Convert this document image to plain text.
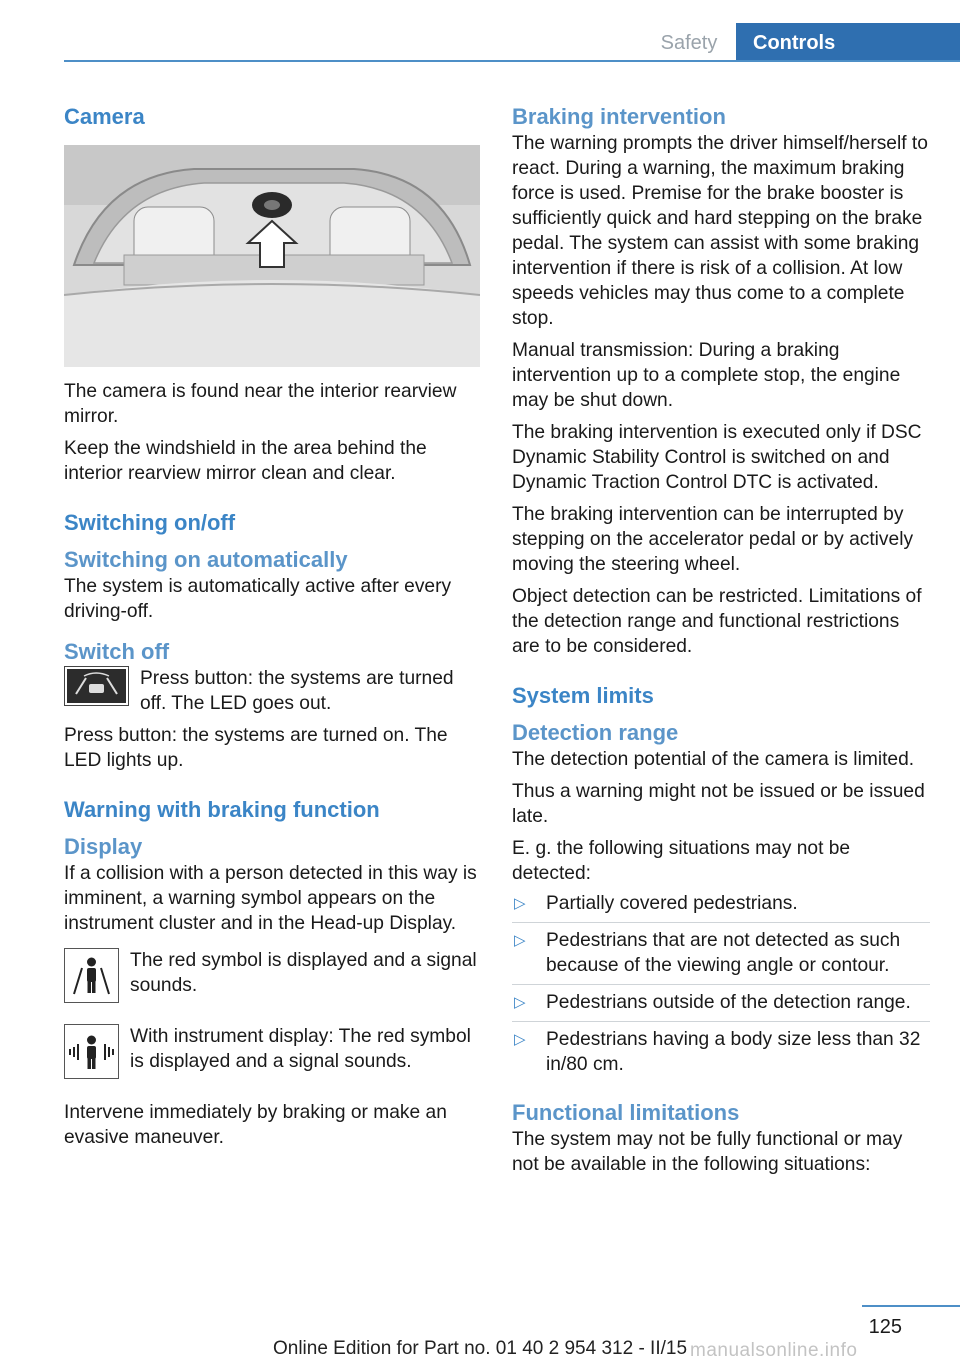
Safety	Controls
Camera

The camera is found near the interior rearview mirror.

Keep the windshield in the area behind the interior rearview mirror clean and clear.

Switching on/off
Switching on automatically

The system is automatically active after every driving-off.

Switch off
Press button: the systems are turned off. The LED goes out.

Press button: the systems are turned on. The LED lights up.

Warning with braking function
Display

If a collision with a person detected in this way is imminent, a warning symbol appears on the instrument cluster and in the Head-up Display.

The red symbol is displayed and a signal sounds.
With instrument display: The red symbol is displayed and a signal sounds.

Intervene immediately by braking or make an evasive maneuver.

Braking intervention

The warning prompts the driver himself/herself to react. During a warning, the maximum braking force is used. Premise for the brake booster is sufficiently quick and hard stepping on the brake pedal. The system can assist with some braking intervention if there is risk of a collision. At low speeds vehicles may thus come to a complete stop.

Manual transmission: During a braking intervention up to a complete stop, the engine may be shut down.

The braking intervention is executed only if DSC Dynamic Stability Control is switched on and Dynamic Traction Control DTC is activated.

The braking intervention can be interrupted by stepping on the accelerator pedal or by actively moving the steering wheel.

Object detection can be restricted. Limitations of the detection range and functional restrictions are to be considered.

System limits
Detection range

The detection potential of the camera is limited.

Thus a warning might not be issued or be issued late.

E. g. the following situations may not be detected:

▷ Partially covered pedestrians.
▷ Pedestrians that are not detected as such because of the viewing angle or contour.
▷ Pedestrians outside of the detection range.
▷ Pedestrians having a body size less than 32 in/80 cm.
Functional limitations

The system may not be fully functional or may not be available in the following situations:

125
Online Edition for Part no. 01 40 2 954 312 - II/15 manualsonline.info
